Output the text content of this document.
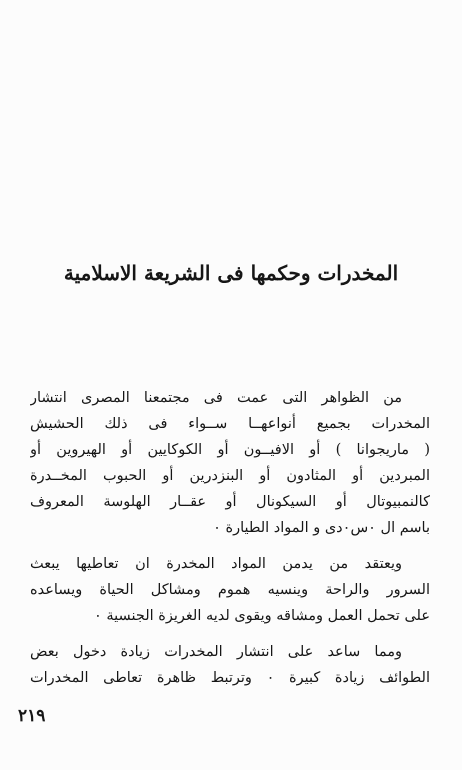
المخدرات وحكمها فى الشريعة الاسلامية
من الظواهر التى عمت فى مجتمعنا المصرى انتشار
المخدرات بجميع أنواعهــا ســواء فى ذلك الحشيش
( ماريجوانا ) أو الافيــون أو الكوكايين أو الهيروين أو
المبردين أو المثادون أو البنزدرين أو الحبوب المخــدرة
كالنمبيوتال أو السيكونال أو عقــار الهلوسة المعروف
باسم ال ٠س٠دى و المواد الطيارة ٠
ويعتقد من يدمن المواد المخدرة ان تعاطيها يبعث
السرور والراحة وينسيه هموم ومشاكل الحياة ويساعده
على تحمل العمل ومشاقه ويقوى لديه الغريزة الجنسية ٠
ومما ساعد على انتشار المخدرات زيادة دخول بعض
الطوائف زيادة كبيرة ٠ وترتبط ظاهرة تعاطى المخدرات
٢١٩
